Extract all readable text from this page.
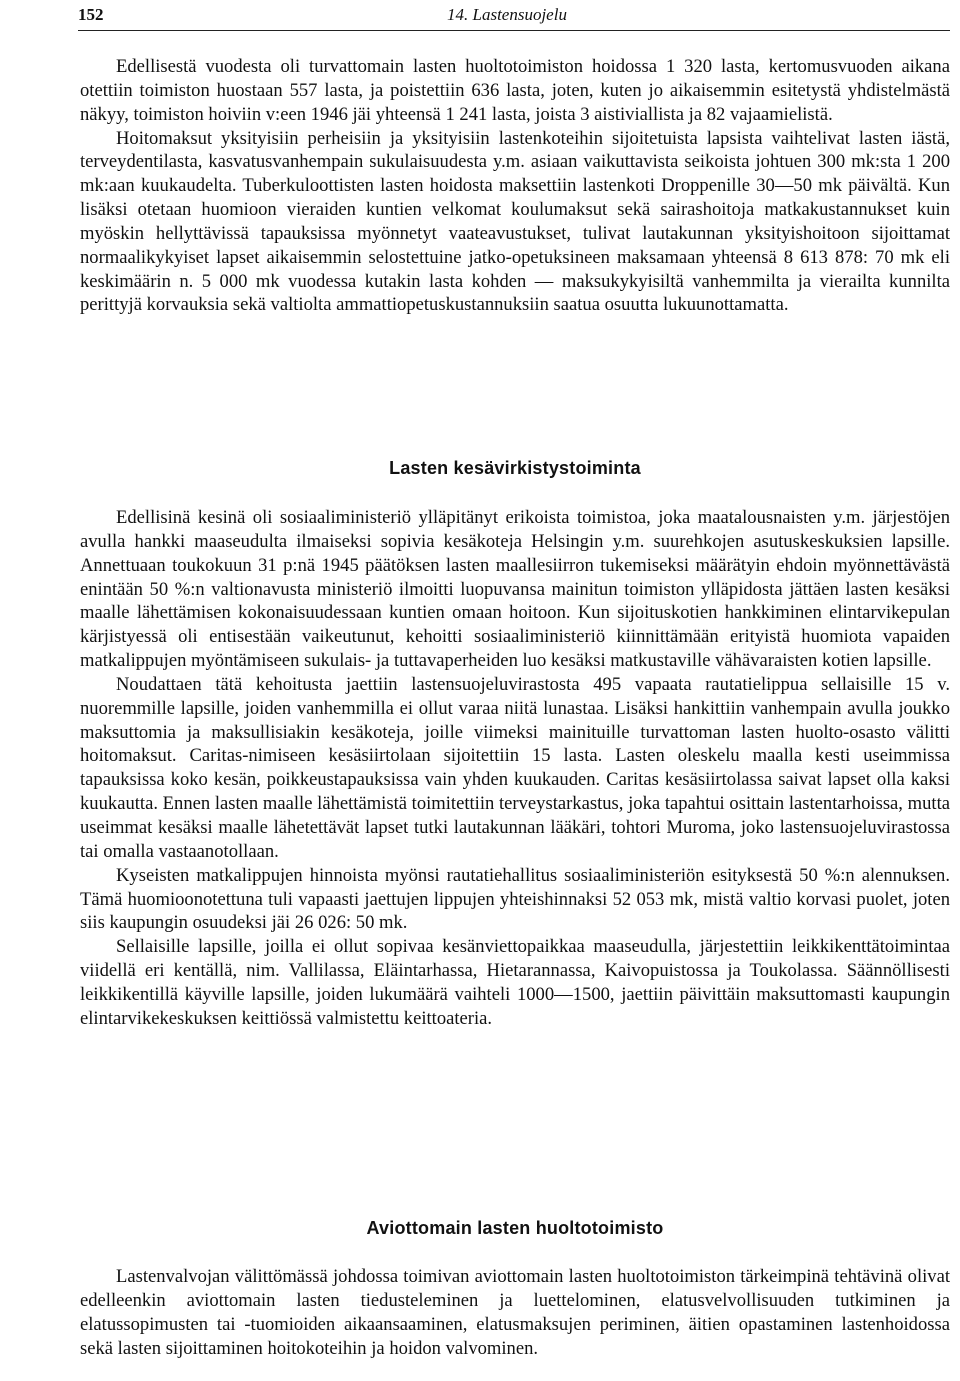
152	14. Lastensuojelu

Edellisestä vuodesta oli turvattomain lasten huoltotoimiston hoidossa 1 320 lasta, kertomusvuoden aikana otettiin toimiston huostaan 557 lasta, ja poistettiin 636 lasta, joten, kuten jo aikaisemmin esitetystä yhdistelmästä näkyy, toimiston hoiviin v:een 1946 jäi yhteensä 1 241 lasta, joista 3 aistiviallista ja 82 vajaamielistä.

Hoitomaksut yksityisiin perheisiin ja yksityisiin lastenkoteihin sijoitetuista lapsista vaihtelivat lasten iästä, terveydentilasta, kasvatusvanhempain sukulaisuudesta y.m. asiaan vaikuttavista seikoista johtuen 300 mk:sta 1 200 mk:aan kuukaudelta. Tuberkuloottisten lasten hoidosta maksettiin lastenkoti Droppenille 30—50 mk päivältä. Kun lisäksi otetaan huomioon vieraiden kuntien velkomat koulumaksut sekä sairashoitoja matkakustannukset kuin myöskin hellyttävissä tapauksissa myönnetyt vaateavustukset, tulivat lautakunnan yksityishoitoon sijoittamat normaalikykyiset lapset aikaisemmin selostettuine jatko-opetuksineen maksamaan yhteensä 8 613 878: 70 mk eli keskimäärin n. 5 000 mk vuodessa kutakin lasta kohden — maksukykyisiltä vanhemmilta ja vierailta kunnilta perittyjä korvauksia sekä valtiolta ammattiopetuskustannuksiin saatua osuutta lukuunottamatta.

Lasten kesävirkistystoiminta

Edellisinä kesinä oli sosiaaliministeriö ylläpitänyt erikoista toimistoa, joka maatalousnaisten y.m. järjestöjen avulla hankki maaseudulta ilmaiseksi sopivia kesäkoteja Helsingin y.m. suurehkojen asutuskeskuksien lapsille. Annettuaan toukokuun 31 p:nä 1945 päätöksen lasten maallesiirron tukemiseksi määrätyin ehdoin myönnettävästä enintään 50 %:n valtionavusta ministeriö ilmoitti luopuvansa mainitun toimiston ylläpidosta jättäen lasten kesäksi maalle lähettämisen kokonaisuudessaan kuntien omaan hoitoon. Kun sijoituskotien hankkiminen elintarvikepulan kärjistyessä oli entisestään vaikeutunut, kehoitti sosiaaliministeriö kiinnittämään erityistä huomiota vapaiden matkalippujen myöntämiseen sukulais- ja tuttavaperheiden luo kesäksi matkustaville vähävaraisten kotien lapsille.

Noudattaen tätä kehoitusta jaettiin lastensuojeluvirastosta 495 vapaata rautatielippua sellaisille 15 v. nuoremmille lapsille, joiden vanhemmilla ei ollut varaa niitä lunastaa. Lisäksi hankittiin vanhempain avulla joukko maksuttomia ja maksullisiakin kesäkoteja, joille viimeksi mainituille turvattoman lasten huolto-osasto välitti hoitomaksut. Caritas-nimiseen kesäsiirtolaan sijoitettiin 15 lasta. Lasten oleskelu maalla kesti useimmissa tapauksissa koko kesän, poikkeustapauksissa vain yhden kuukauden. Caritas kesäsiirtolassa saivat lapset olla kaksi kuukautta. Ennen lasten maalle lähettämistä toimitettiin terveystarkastus, joka tapahtui osittain lastentarhoissa, mutta useimmat kesäksi maalle lähetettävät lapset tutki lautakunnan lääkäri, tohtori Muroma, joko lastensuojeluvirastossa tai omalla vastaanotollaan.

Kyseisten matkalippujen hinnoista myönsi rautatiehallitus sosiaaliministeriön esityksestä 50 %:n alennuksen. Tämä huomioonotettuna tuli vapaasti jaettujen lippujen yhteishinnaksi 52 053 mk, mistä valtio korvasi puolet, joten siis kaupungin osuudeksi jäi 26 026: 50 mk.

Sellaisille lapsille, joilla ei ollut sopivaa kesänviettopaikkaa maaseudulla, järjestettiin leikkikenttätoimintaa viidellä eri kentällä, nim. Vallilassa, Eläintarhassa, Hietarannassa, Kaivopuistossa ja Toukolassa. Säännöllisesti leikkikentillä käyville lapsille, joiden lukumäärä vaihteli 1000—1500, jaettiin päivittäin maksuttomasti kaupungin elintarvikekeskuksen keittiössä valmistettu keittoateria.

Aviottomain lasten huoltotoimisto

Lastenvalvojan välittömässä johdossa toimivan aviottomain lasten huoltotoimiston tärkeimpinä tehtävinä olivat edelleenkin aviottomain lasten tiedusteleminen ja luettelominen, elatusvelvollisuuden tutkiminen ja elatussopimusten tai -tuomioiden aikaansaaminen, elatusmaksujen periminen, äitien opastaminen lastenhoidossa sekä lasten sijoittaminen hoitokoteihin ja hoidon valvominen.
